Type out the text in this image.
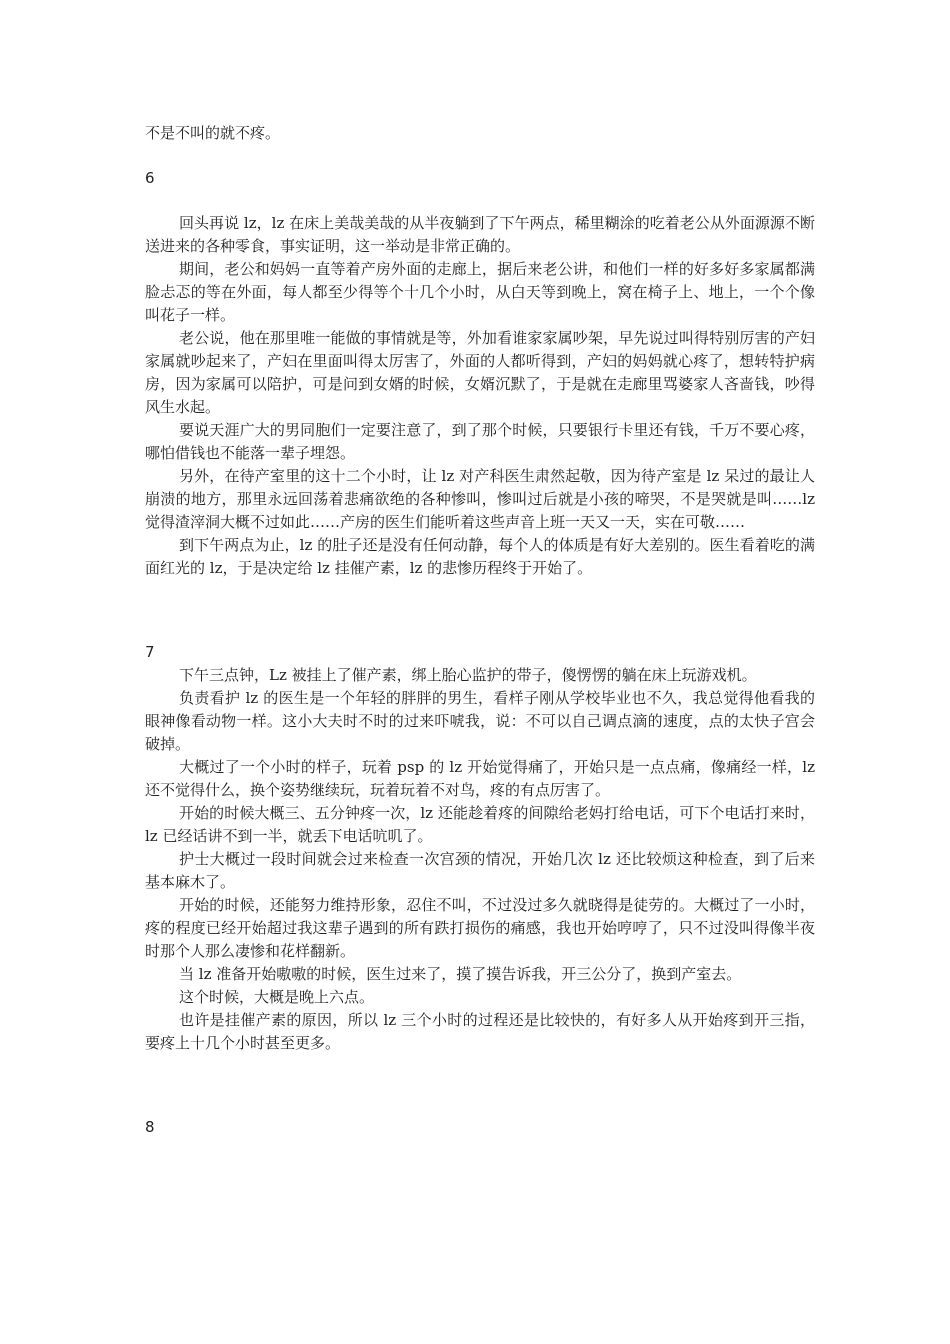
不是不叫的就不疼。

6

回头再说 lz，lz 在床上美哉美哉的从半夜躺到了下午两点，稀里糊涂的吃着老公从外面源源不断送进来的各种零食，事实证明，这一举动是非常正确的。

期间，老公和妈妈一直等着产房外面的走廊上，据后来老公讲，和他们一样的好多好多家属都满脸忐忑的等在外面，每人都至少得等个十几个小时，从白天等到晚上，窝在椅子上、地上，一个个像叫花子一样。

老公说，他在那里唯一能做的事情就是等，外加看谁家家属吵架，早先说过叫得特别厉害的产妇家属就吵起来了，产妇在里面叫得太厉害了，外面的人都听得到，产妇的妈妈就心疼了，想转特护病房，因为家属可以陪护，可是问到女婿的时候，女婿沉默了，于是就在走廊里骂婆家人吝啬钱，吵得风生水起。

要说天涯广大的男同胞们一定要注意了，到了那个时候，只要银行卡里还有钱，千万不要心疼，哪怕借钱也不能落一辈子埋怨。

另外，在待产室里的这十二个小时，让 lz 对产科医生肃然起敬，因为待产室是 lz 呆过的最让人崩溃的地方，那里永远回荡着悲痛欲绝的各种惨叫，惨叫过后就是小孩的啼哭，不是哭就是叫……lz 觉得渣滓洞大概不过如此……产房的医生们能听着这些声音上班一天又一天，实在可敬……

到下午两点为止，lz 的肚子还是没有任何动静，每个人的体质是有好大差别的。医生看着吃的满面红光的 lz，于是决定给 lz 挂催产素，lz 的悲惨历程终于开始了。

7

下午三点钟，Lz 被挂上了催产素，绑上胎心监护的带子，傻愣愣的躺在床上玩游戏机。

负责看护 lz 的医生是一个年轻的胖胖的男生，看样子刚从学校毕业也不久，我总觉得他看我的眼神像看动物一样。这小大夫时不时的过来吓唬我，说：不可以自己调点滴的速度，点的太快子宫会破掉。

大概过了一个小时的样子，玩着 psp 的 lz 开始觉得痛了，开始只是一点点痛，像痛经一样，lz 还不觉得什么，换个姿势继续玩，玩着玩着不对鸟，疼的有点厉害了。

开始的时候大概三、五分钟疼一次，lz 还能趁着疼的间隙给老妈打给电话，可下个电话打来时，lz 已经话讲不到一半，就丢下电话吭叽了。

护士大概过一段时间就会过来检查一次宫颈的情况，开始几次 lz 还比较烦这种检查，到了后来基本麻木了。

开始的时候，还能努力维持形象，忍住不叫，不过没过多久就晓得是徒劳的。大概过了一小时，疼的程度已经开始超过我这辈子遇到的所有跌打损伤的痛感，我也开始哼哼了，只不过没叫得像半夜时那个人那么凄惨和花样翻新。

当 lz 准备开始嗷嗷的时候，医生过来了，摸了摸告诉我，开三公分了，换到产室去。

这个时候，大概是晚上六点。

也许是挂催产素的原因，所以 lz 三个小时的过程还是比较快的，有好多人从开始疼到开三指，要疼上十几个小时甚至更多。

8
